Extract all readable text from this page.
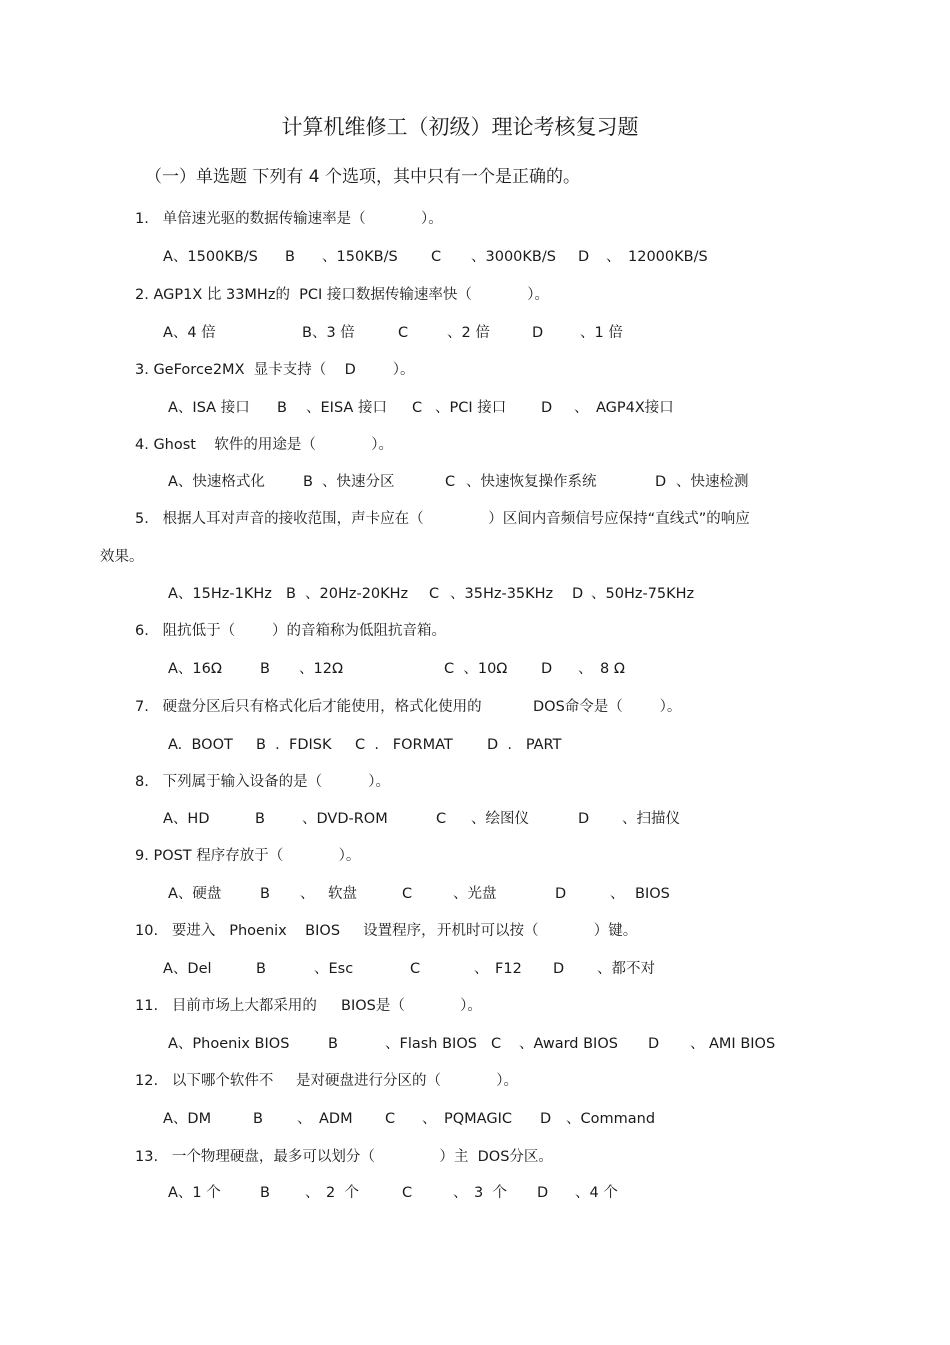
计算机维修工（初级）理论考核复习题
（一）单选题 下列有 4 个选项，其中只有一个是正确的。
1.   单倍速光驱的数据传输速率是（            ）。
A、1500KB/S B 、150KB/S C 、3000KB/S D 、 12000KB/S
2. AGP1X 比 33MHz的  PCI 接口数据传输速率快（            ）。
A、4 倍	B、3 倍	C	、2 倍	D	、1 倍
3. GeForce2MX  显卡支持（    D        ）。
A、ISA 接口 B 、EISA 接口 C 、PCI 接口 D 、 AGP4X接口
4. Ghost    软件的用途是（            ）。
A、快速格式化	B 、快速分区	C 、快速恢复操作系统	D 、快速检测
5.   根据人耳对声音的接收范围，声卡应在（              ）区间内音频信号应保持“直线式”的响应
效果。
A、15Hz-1KHz B 、20Hz-20KHz C 、35Hz-35KHz D 、50Hz-75KHz
6.   阻抗低于（        ）的音箱称为低阻抗音箱。
A、16Ω	B 、12Ω	C  、10Ω D 、 8 Ω
7.   硬盘分区后只有格式化后才能使用，格式化使用的	DOS命令是（        ）。
A.  BOOT B  .  FDISK C  .   FORMAT D  .   PART
8.   下列属于输入设备的是（          ）。
A、HD	B	、DVD-ROM	C 、绘图仪	D 、扫描仪
9. POST 程序存放于（            ）。
A、硬盘	B 、 软盘	C	、光盘	D	、 BIOS
10.   要进入   Phoenix    BIOS     设置程序， 开机时可以按（            ）键。
A、Del	B	、Esc	C	、 F12 D 、都不对
11.   目前市场上大都采用的 BIOS是（            ）。
A、Phoenix BIOS	B	、Flash BIOS C 、Award BIOS D 、 AMI BIOS
12.   以下哪个软件不 是对硬盘进行分区的（            ）。
A、DM	B 、 ADM C 、 PQMAGIC D 、Command
13.   一个物理硬盘，最多可以划分（              ）主  DOS分区。
A、1 个	B 、 2  个	C	、 3  个 D 、4 个
